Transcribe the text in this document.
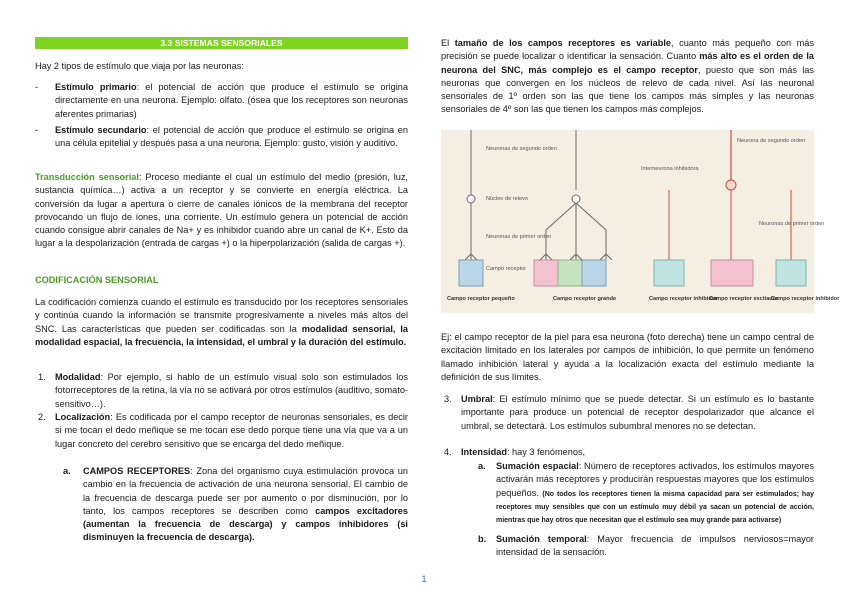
3.3 SISTEMAS SENSORIALES
Hay 2 tipos de estímulo que viaja por las neuronas:
- Estímulo primario: el potencial de acción que produce el estímulo se origina directamente en una neurona. Ejemplo: olfato. (ósea que los receptores son neuronas aferentes primarias)
- Estímulo secundario: el potencial de acción que produce el estímulo se origina en una célula epitelial y después pasa a una neurona. Ejemplo: gusto, visión y auditivo.
Transducción sensorial: Proceso mediante el cual un estímulo del medio (presión, luz, sustancia química…) activa a un receptor y se convierte en energía eléctrica. La conversión da lugar a apertura o cierre de canales iónicos de la membrana del receptor provocando un flujo de iones, una corriente. Un estímulo genera un potencial de acción cuando consigue abrir canales de Na+ y es inhibidor cuando abre un canal de K+. Esto da lugar a la despolarización (entrada de cargas +) o la hiperpolarización (salida de cargas +).
CODIFICACIÓN SENSORIAL
La codificación comienza cuando el estímulo es transducido por los receptores sensoriales y continúa cuando la información se transmite progresivamente a niveles más altos del SNC. Las características que pueden ser codificadas son la modalidad sensorial, la modalidad espacial, la frecuencia, la intensidad, el umbral y la duración del estímulo.
1. Modalidad: Por ejemplo, si hablo de un estímulo visual solo son estimulados los fotorreceptores de la retina, la vía no se activará por otros estímulos (auditivo, somato-sensitivo…).
2. Localización: Es codificada por el campo receptor de neuronas sensoriales, es decir si me tocan el dedo meñique se me tocan ese dedo porque tiene una vía que va a un lugar concreto del cerebro sensitivo que se encarga del dedo meñique.
a. CAMPOS RECEPTORES: Zona del organismo cuya estimulación provoca un cambio en la frecuencia de activación de una neurona sensorial. El cambio de la frecuencia de descarga puede ser por aumento o por disminución, por lo tanto, los campos receptores se describen como campos excitadores (aumentan la frecuencia de descarga) y campos inhibidores (si disminuyen la frecuencia de descarga).
El tamaño de los campos receptores es variable, cuanto más pequeño con más precisión se puede localizar o identificar la sensación. Cuanto más alto es el orden de la neurona del SNC, más complejo es el campo receptor, puesto que son más las neuronas que convergen en los núcleos de relevo de cada nivel. Así las neuronal sensoriales de 1º orden son las que tiene los campos más simples y las neuronas sensoriales de 4º son las que tienen los campos más complejos.
Neuronas de segundo orden
Núcleo de relevo
Neuronas de primer orden
Campo receptor
Campo receptor pequeño	Campo receptor grande
Neurona de segundo orden
Interneurona inhibidora
Neuronas de primer orden
Campo receptor inhibidor
Campo receptor excitador
Campo receptor inhibidor
Ej: el campo receptor de la piel para esa neurona (foto derecha) tiene un campo central de excitación limitado en los laterales por campos de inhibición, lo que permite un fenómeno llamado inhibición lateral y ayuda a la localización exacta del estímulo mediante la definición de sus límites.
3. Umbral: El estímulo mínimo que se puede detectar. Si un estímulo es lo bastante importante para produce un potencial de receptor despolarizador que alcance el umbral, se detectará. Los estímulos subumbral menores no se detectan.
4. Intensidad: hay 3 fenómenos,
a. Sumación espacial: Número de receptores activados, los estímulos mayores activarán más receptores y producirán respuestas mayores que los estímulos pequeños. (No todos los receptores tienen la misma capacidad para ser estimulados; hay receptores muy sensibles que con un estímulo muy débil ya sacan un potencial de acción, mientras que hay otros que necesitan que el estímulo sea muy grande para activarse)
b. Sumación temporal: Mayor frecuencia de impulsos nerviosos=mayor intensidad de la sensación.
1
